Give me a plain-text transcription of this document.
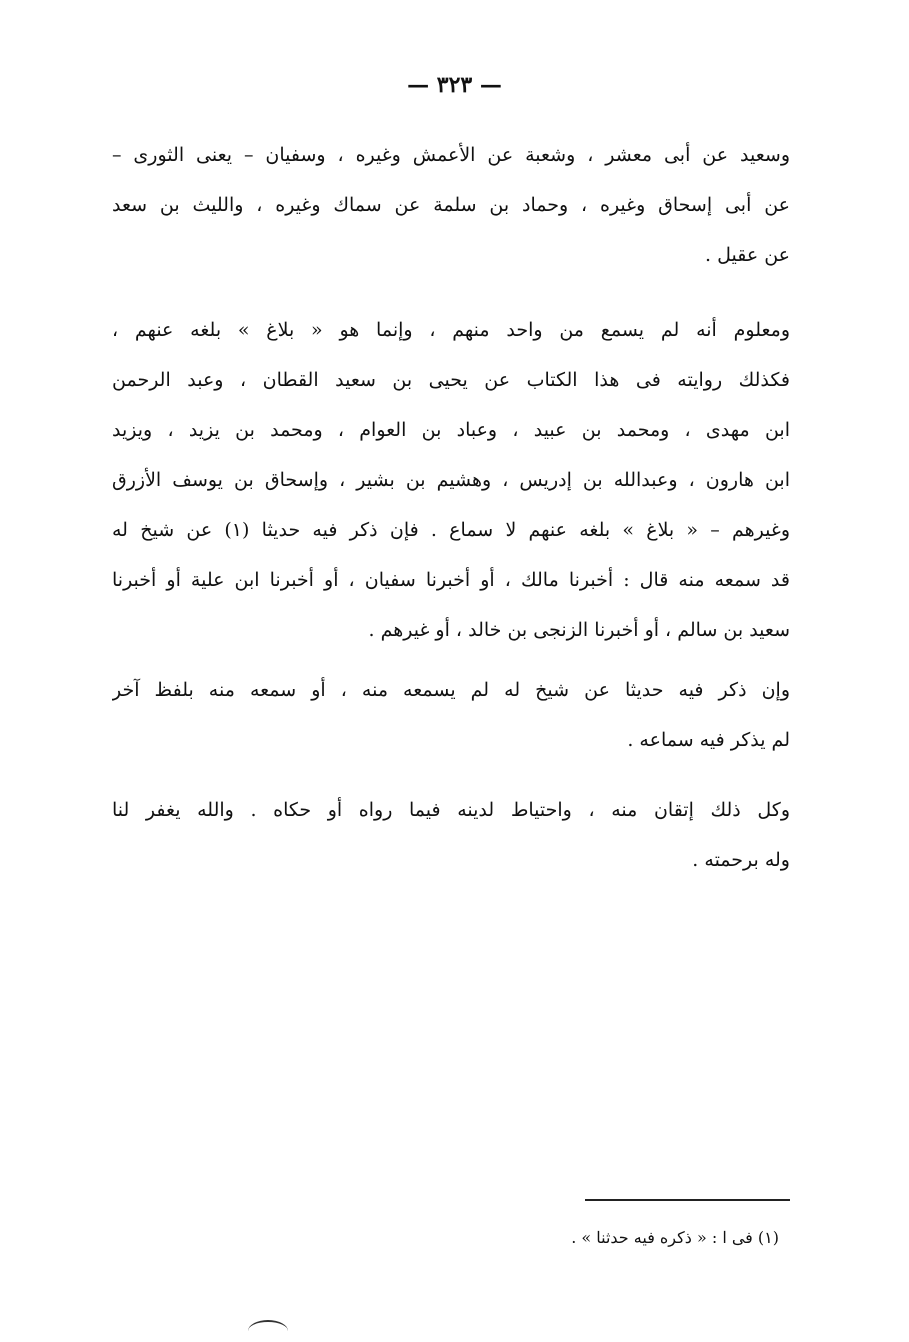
— ٣٢٣ —

وسعيد عن أبى معشر ، وشعبة عن الأعمش وغيره ، وسفيان – يعنى الثورى –
عن أبى إسحاق وغيره ، وحماد بن سلمة عن سماك وغيره ، والليث بن سعد
عن عقيل .

ومعلوم أنه لم يسمع من واحد منهم ، وإنما هو « بلاغ » بلغه عنهم ،
فكذلك روايته فى هذا الكتاب عن يحيى بن سعيد القطان ، وعبد الرحمن
ابن مهدى ، ومحمد بن عبيد ، وعباد بن العوام ، ومحمد بن يزيد ، ويزيد
ابن هارون ، وعبدالله بن إدريس ، وهشيم بن بشير ، وإسحاق بن يوسف الأزرق
وغيرهم – « بلاغ » بلغه عنهم لا سماع . فإن ذكر فيه حديثا (١) عن شيخ له
قد سمعه منه قال : أخبرنا مالك ، أو أخبرنا سفيان ، أو أخبرنا ابن علية أو أخبرنا
سعيد بن سالم ، أو أخبرنا الزنجى بن خالد ، أو غيرهم .

وإن ذكر فيه حديثا عن شيخ له لم يسمعه منه ، أو سمعه منه بلفظ آخر
لم يذكر فيه سماعه .

وكل ذلك إتقان منه ، واحتياط لدينه فيما رواه أو حكاه . والله يغفر لنا
وله برحمته .

(١) فى ا : « ذكره فيه حدثنا » .
